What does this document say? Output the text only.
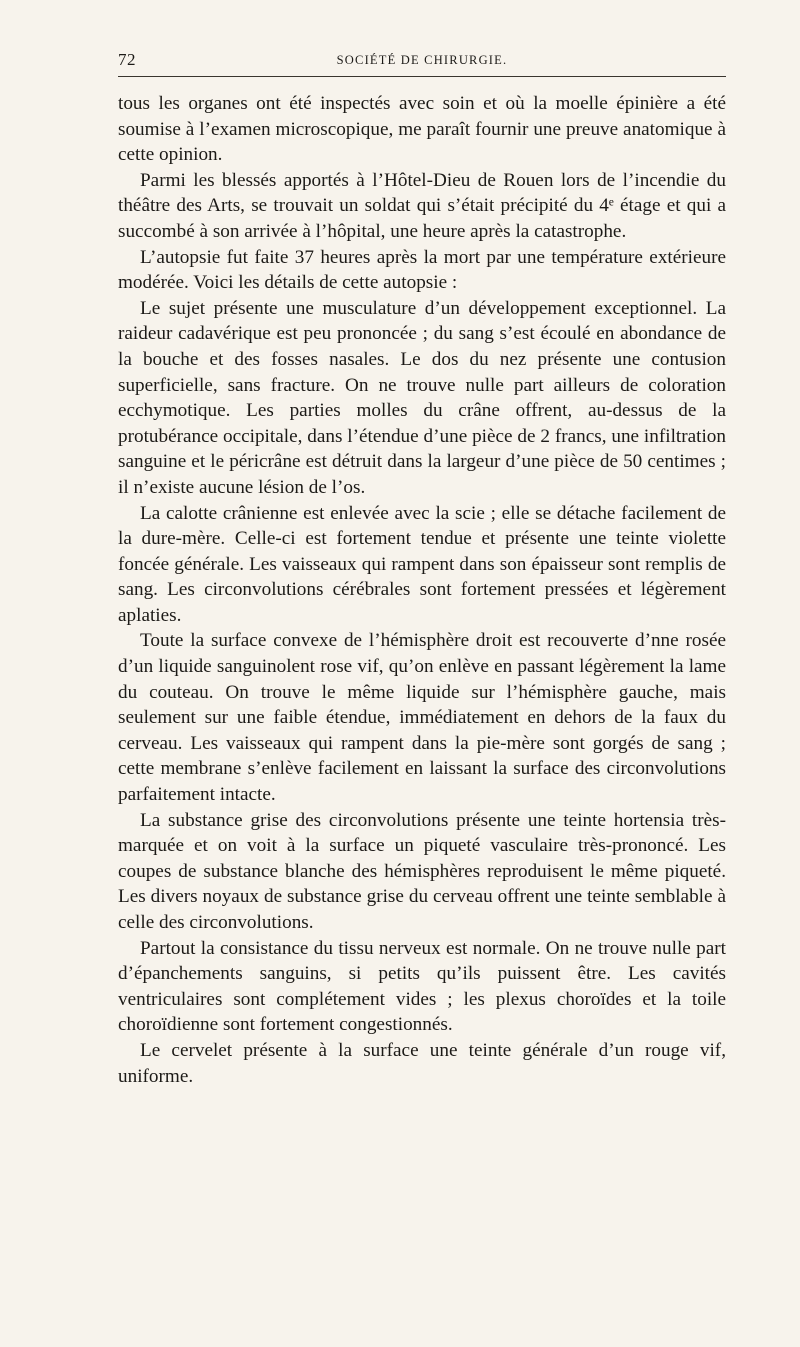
72	SOCIÉTÉ DE CHIRURGIE.

tous les organes ont été inspectés avec soin et où la moelle épinière a été soumise à l’examen microscopique, me paraît fournir une preuve anatomique à cette opinion.

Parmi les blessés apportés à l’Hôtel-Dieu de Rouen lors de l’incendie du théâtre des Arts, se trouvait un soldat qui s’était précipité du 4ᵉ étage et qui a succombé à son arrivée à l’hôpital, une heure après la catastrophe.

L’autopsie fut faite 37 heures après la mort par une température extérieure modérée. Voici les détails de cette autopsie :

Le sujet présente une musculature d’un développement exceptionnel. La raideur cadavérique est peu prononcée ; du sang s’est écoulé en abondance de la bouche et des fosses nasales. Le dos du nez présente une contusion superficielle, sans fracture. On ne trouve nulle part ailleurs de coloration ecchymotique. Les parties molles du crâne offrent, au-dessus de la protubérance occipitale, dans l’étendue d’une pièce de 2 francs, une infiltration sanguine et le péricrâne est détruit dans la largeur d’une pièce de 50 centimes ; il n’existe aucune lésion de l’os.

La calotte crânienne est enlevée avec la scie ; elle se détache facilement de la dure-mère. Celle-ci est fortement tendue et présente une teinte violette foncée générale. Les vaisseaux qui rampent dans son épaisseur sont remplis de sang. Les circonvolutions cérébrales sont fortement pressées et légèrement aplaties.

Toute la surface convexe de l’hémisphère droit est recouverte d’nne rosée d’un liquide sanguinolent rose vif, qu’on enlève en passant légèrement la lame du couteau. On trouve le même liquide sur l’hémisphère gauche, mais seulement sur une faible étendue, immédiatement en dehors de la faux du cerveau. Les vaisseaux qui rampent dans la pie-mère sont gorgés de sang ; cette membrane s’enlève facilement en laissant la surface des circonvolutions parfaitement intacte.

La substance grise des circonvolutions présente une teinte hortensia très-marquée et on voit à la surface un piqueté vasculaire très-prononcé. Les coupes de substance blanche des hémisphères reproduisent le même piqueté. Les divers noyaux de substance grise du cerveau offrent une teinte semblable à celle des circonvolutions.

Partout la consistance du tissu nerveux est normale. On ne trouve nulle part d’épanchements sanguins, si petits qu’ils puissent être. Les cavités ventriculaires sont complétement vides ; les plexus choroïdes et la toile choroïdienne sont fortement congestionnés.

Le cervelet présente à la surface une teinte générale d’un rouge vif, uniforme.
